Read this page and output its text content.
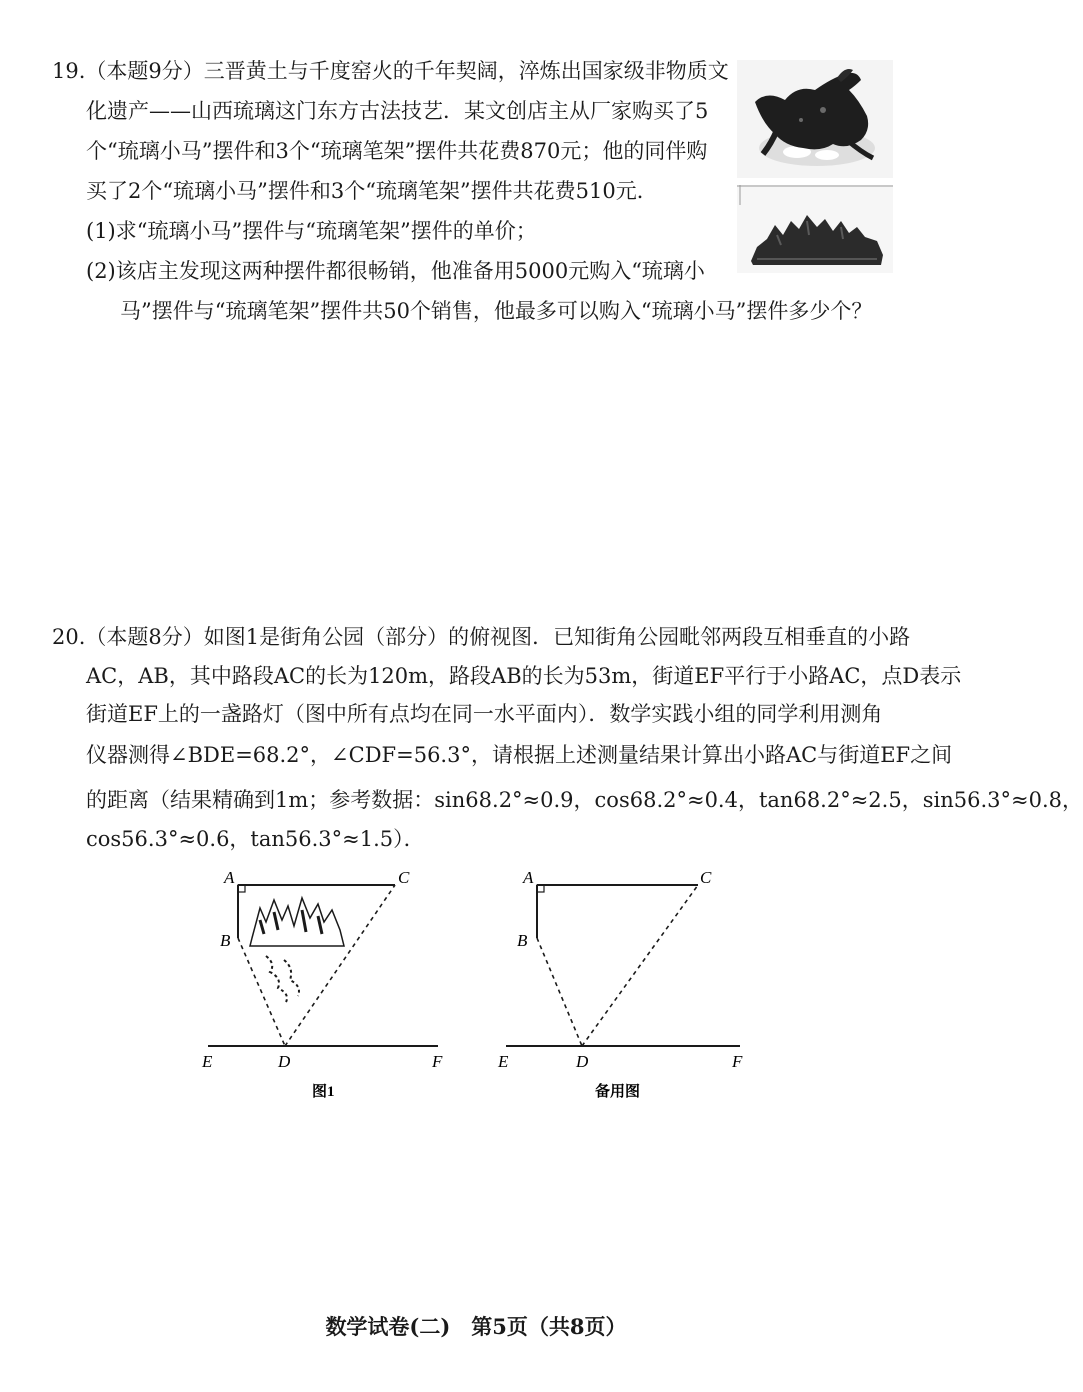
19.（本题9分）三晋黄土与千度窑火的千年契阔，淬炼出国家级非物质文
化遗产——山西琉璃这门东方古法技艺．某文创店主从厂家购买了5
个“琉璃小马”摆件和3个“琉璃笔架”摆件共花费870元；他的同伴购
买了2个“琉璃小马”摆件和3个“琉璃笔架”摆件共花费510元．
(1)求“琉璃小马”摆件与“琉璃笔架”摆件的单价；
(2)该店主发现这两种摆件都很畅销，他准备用5000元购入“琉璃小
马”摆件与“琉璃笔架”摆件共50个销售，他最多可以购入“琉璃小马”摆件多少个？
20.（本题8分）如图1是街角公园（部分）的俯视图．已知街角公园毗邻两段互相垂直的小路
AC，AB，其中路段AC的长为120m，路段AB的长为53m，街道EF平行于小路AC，点D表示
街道EF上的一盏路灯（图中所有点均在同一水平面内）．数学实践小组的同学利用测角
仪器测得∠BDE=68.2°，∠CDF=56.3°，请根据上述测量结果计算出小路AC与街道EF之间
的距离（结果精确到1m；参考数据：sin68.2°≈0.9，cos68.2°≈0.4，tan68.2°≈2.5，sin56.3°≈0.8，
cos56.3°≈0.6，tan56.3°≈1.5）．
A	C
B
E	D	F
图1
A	C
B
E	D	F
备用图
数学试卷(二)　第5页（共8页）
